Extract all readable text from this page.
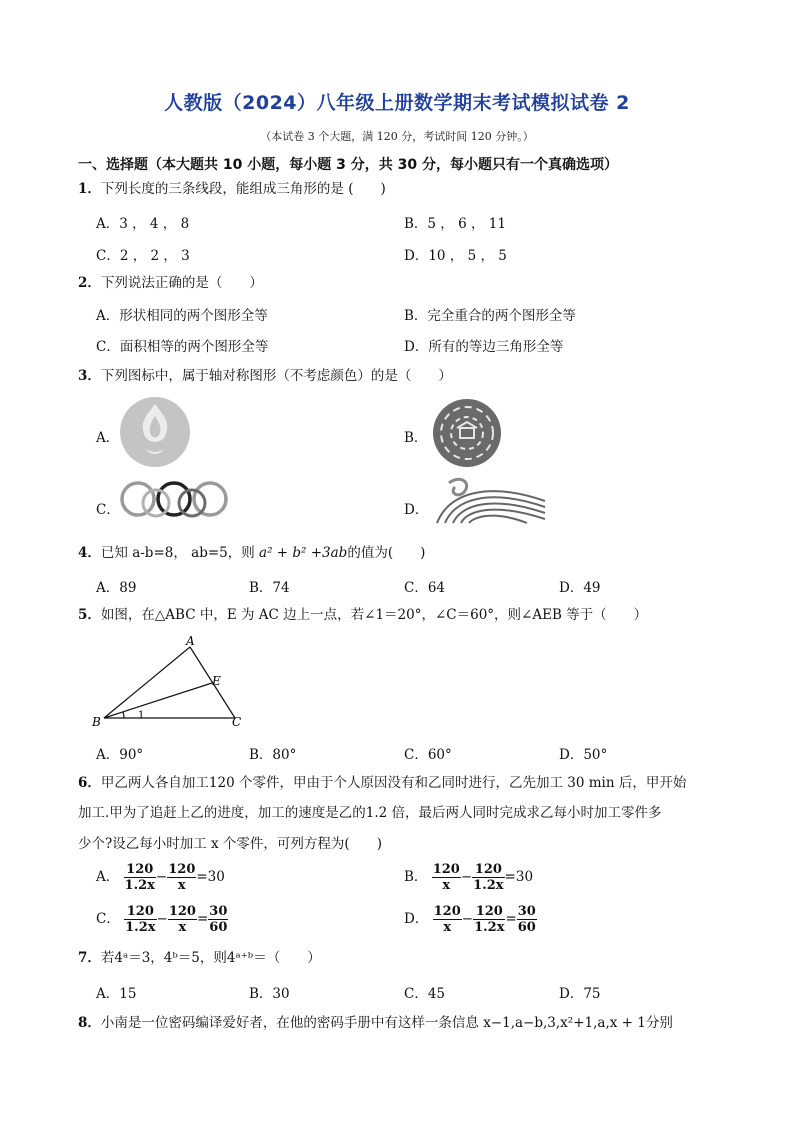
人教版（2024）八年级上册数学期末考试模拟试卷 2
（本试卷 3 个大题，满 120 分，考试时间 120 分钟。）
一、选择题（本大题共 10 小题，每小题 3 分，共 30 分，每小题只有一个真确选项）
1．下列长度的三条线段，能组成三角形的是 (　　)
A．3 ， 4 ， 8	B．5 ， 6 ， 11
C．2 ， 2 ， 3	D．10 ， 5 ， 5
2．下列说法正确的是（　　）
A．形状相同的两个图形全等	B．完全重合的两个图形全等
C．面积相等的两个图形全等	D．所有的等边三角形全等
3．下列图标中，属于轴对称图形（不考虑颜色）的是（　　）
A．	B．
C．	D．
4．已知 a-b=8， ab=5，则 a² + b² +3ab的值为(　　)
A．89	B．74	C．64	D．49
5．如图，在△ABC 中，E 为 AC 边上一点，若∠1＝20°，∠C＝60°，则∠AEB 等于（　　）
A
B	C
E
1
A．90°	B．80°	C．60°	D．50°
6．甲乙两人各自加工120 个零件，甲由于个人原因没有和乙同时进行，乙先加工 30 min 后，甲开始
加工.甲为了追赶上乙的进度，加工的速度是乙的1.2 倍，最后两人同时完成求乙每小时加工零件多
少个?设乙每小时加工 x 个零件，可列方程为(　　)
A． $\frac{120}{1.2x} - \frac{120}{x} =30$	B． $\frac{120}{x} - \frac{120}{1.2x} =30$
C． $\frac{120}{1.2x} - \frac{120}{x} = \frac{30}{60}$	D． $\frac{120}{x} - \frac{120}{1.2x} = \frac{30}{60}$
7．若4ᵃ＝3，4ᵇ＝5，则4ᵃ⁺ᵇ＝（　　）
A．15	B．30	C．45	D．75
8．小南是一位密码编译爱好者，在他的密码手册中有这样一条信息 x−1,a−b,3,x²+1,a,x + 1分别
